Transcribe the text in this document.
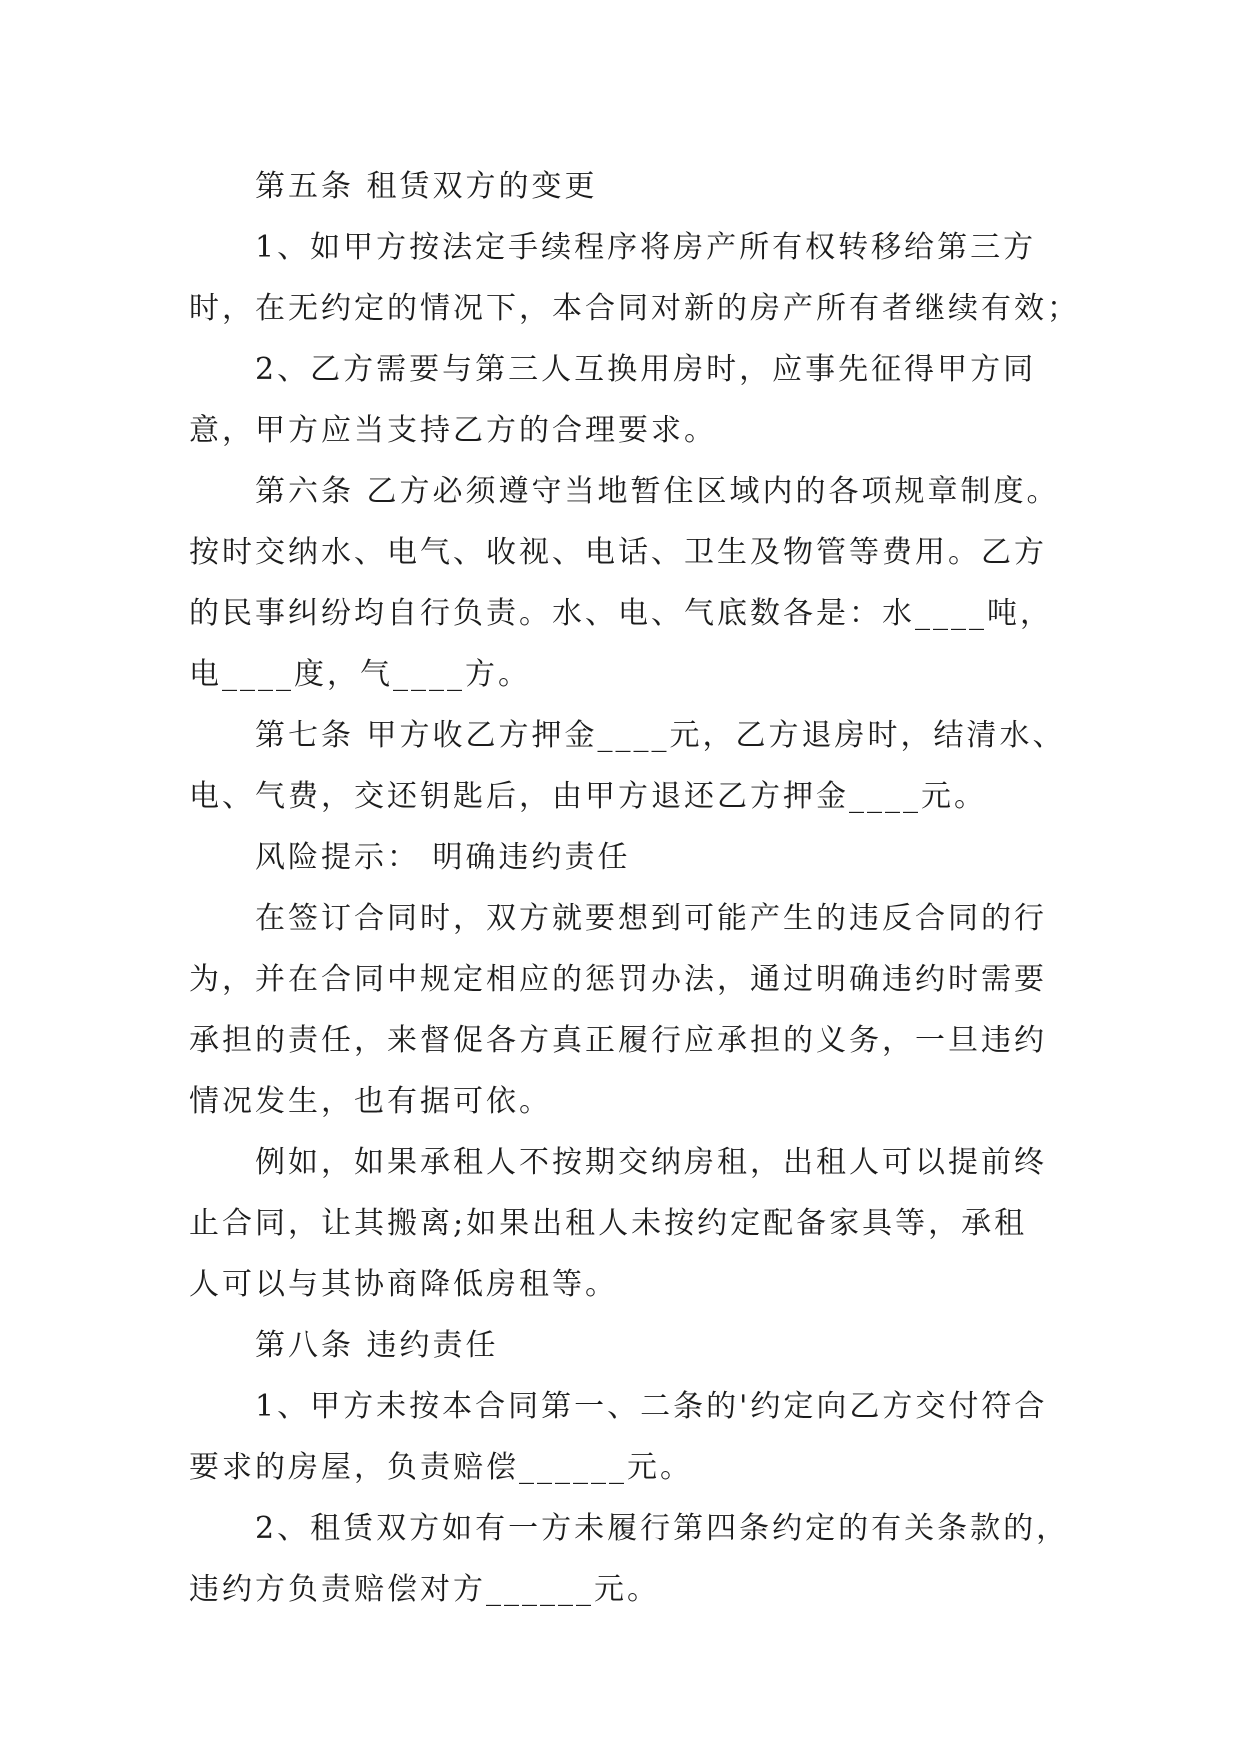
第五条 租赁双方的变更

1、如甲方按法定手续程序将房产所有权转移给第三方
时，在无约定的情况下，本合同对新的房产所有者继续有效；

2、乙方需要与第三人互换用房时，应事先征得甲方同
意，甲方应当支持乙方的合理要求。

第六条 乙方必须遵守当地暂住区域内的各项规章制度。
按时交纳水、电气、收视、电话、卫生及物管等费用。乙方
的民事纠纷均自行负责。水、电、气底数各是：水____吨，
电____度，气____方。

第七条 甲方收乙方押金____元，乙方退房时，结清水、
电、气费，交还钥匙后，由甲方退还乙方押金____元。

风险提示： 明确违约责任

在签订合同时，双方就要想到可能产生的违反合同的行
为，并在合同中规定相应的惩罚办法，通过明确违约时需要
承担的责任，来督促各方真正履行应承担的义务，一旦违约
情况发生，也有据可依。

例如，如果承租人不按期交纳房租，出租人可以提前终
止合同，让其搬离;如果出租人未按约定配备家具等，承租
人可以与其协商降低房租等。

第八条 违约责任

1、甲方未按本合同第一、二条的'约定向乙方交付符合
要求的房屋，负责赔偿______元。

2、租赁双方如有一方未履行第四条约定的有关条款的，
违约方负责赔偿对方______元。
